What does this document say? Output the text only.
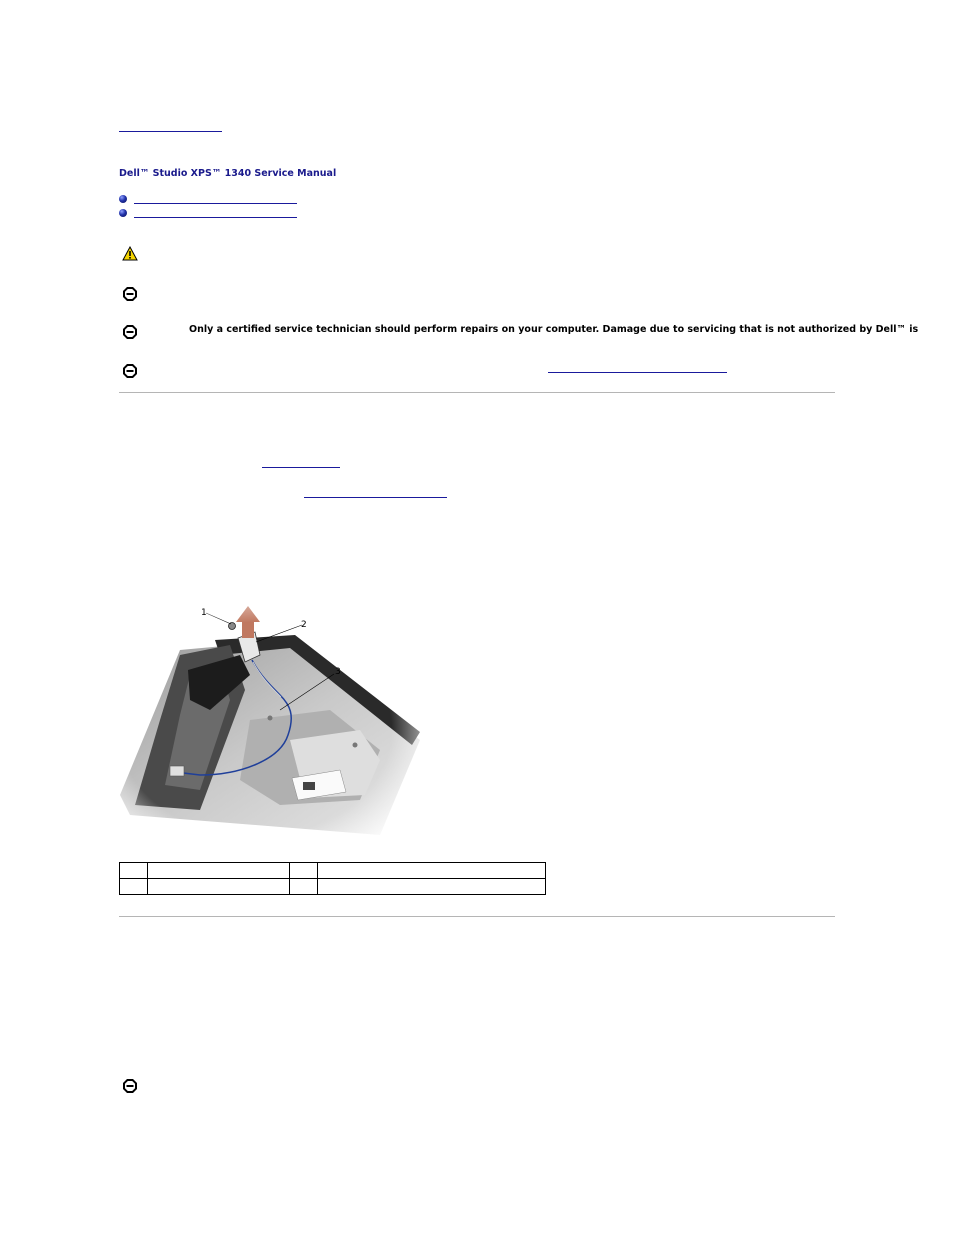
Dell™ Studio XPS™ 1340 Service Manual
Only a certified service technician should perform repairs on your computer. Damage due to servicing that is not authorized by Dell™ is
1
2
3
